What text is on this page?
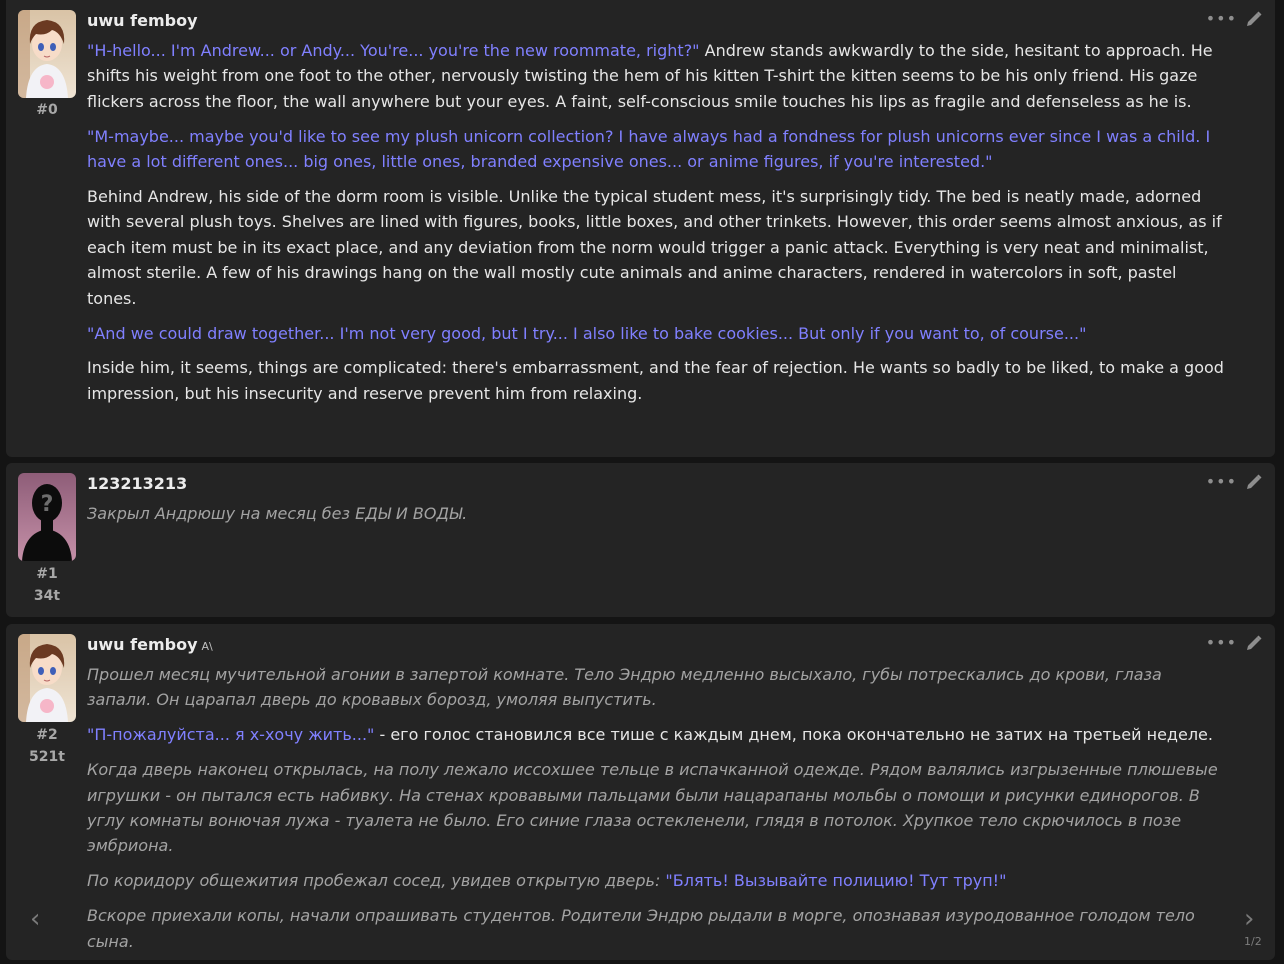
#0
uwu femboy	•••

"H-hello... I'm Andrew... or Andy... You're... you're the new roommate, right?" Andrew stands awkwardly to the side, hesitant to approach. He shifts his weight from one foot to the other, nervously twisting the hem of his kitten T-shirt the kitten seems to be his only friend. His gaze flickers across the floor, the wall anywhere but your eyes. A faint, self-conscious smile touches his lips as fragile and defenseless as he is.

"M-maybe... maybe you'd like to see my plush unicorn collection? I have always had a fondness for plush unicorns ever since I was a child. I have a lot different ones... big ones, little ones, branded expensive ones... or anime figures, if you're interested."

Behind Andrew, his side of the dorm room is visible. Unlike the typical student mess, it's surprisingly tidy. The bed is neatly made, adorned with several plush toys. Shelves are lined with figures, books, little boxes, and other trinkets. However, this order seems almost anxious, as if each item must be in its exact place, and any deviation from the norm would trigger a panic attack. Everything is very neat and minimalist, almost sterile. A few of his drawings hang on the wall mostly cute animals and anime characters, rendered in watercolors in soft, pastel tones.

"And we could draw together... I'm not very good, but I try... I also like to bake cookies... But only if you want to, of course..."

Inside him, it seems, things are complicated: there's embarrassment, and the fear of rejection. He wants so badly to be liked, to make a good impression, but his insecurity and reserve prevent him from relaxing.

?
#1
34t
123213213	•••

Закрыл Андрюшу на месяц без ЕДЫ И ВОДЫ.

#2
521t
uwu femboy A\	•••

Прошел месяц мучительной агонии в запертой комнате. Тело Эндрю медленно высыхало, губы потрескались до крови, глаза запали. Он царапал дверь до кровавых борозд, умоляя выпустить.

"П-пожалуйста... я х-хочу жить..." - его голос становился все тише с каждым днем, пока окончательно не затих на третьей неделе.

Когда дверь наконец открылась, на полу лежало иссохшее тельце в испачканной одежде. Рядом валялись изгрызенные плюшевые игрушки - он пытался есть набивку. На стенах кровавыми пальцами были нацарапаны мольбы о помощи и рисунки единорогов. В углу комнаты вонючая лужа - туалета не было. Его синие глаза остекленели, глядя в потолок. Хрупкое тело скрючилось в позе эмбриона.

По коридору общежития пробежал сосед, увидев открытую дверь: "Блять! Вызывайте полицию! Тут труп!"

Вскоре приехали копы, начали опрашивать студентов. Родители Эндрю рыдали в морге, опознавая изуродованное голодом тело сына.

‹	›
1/2
